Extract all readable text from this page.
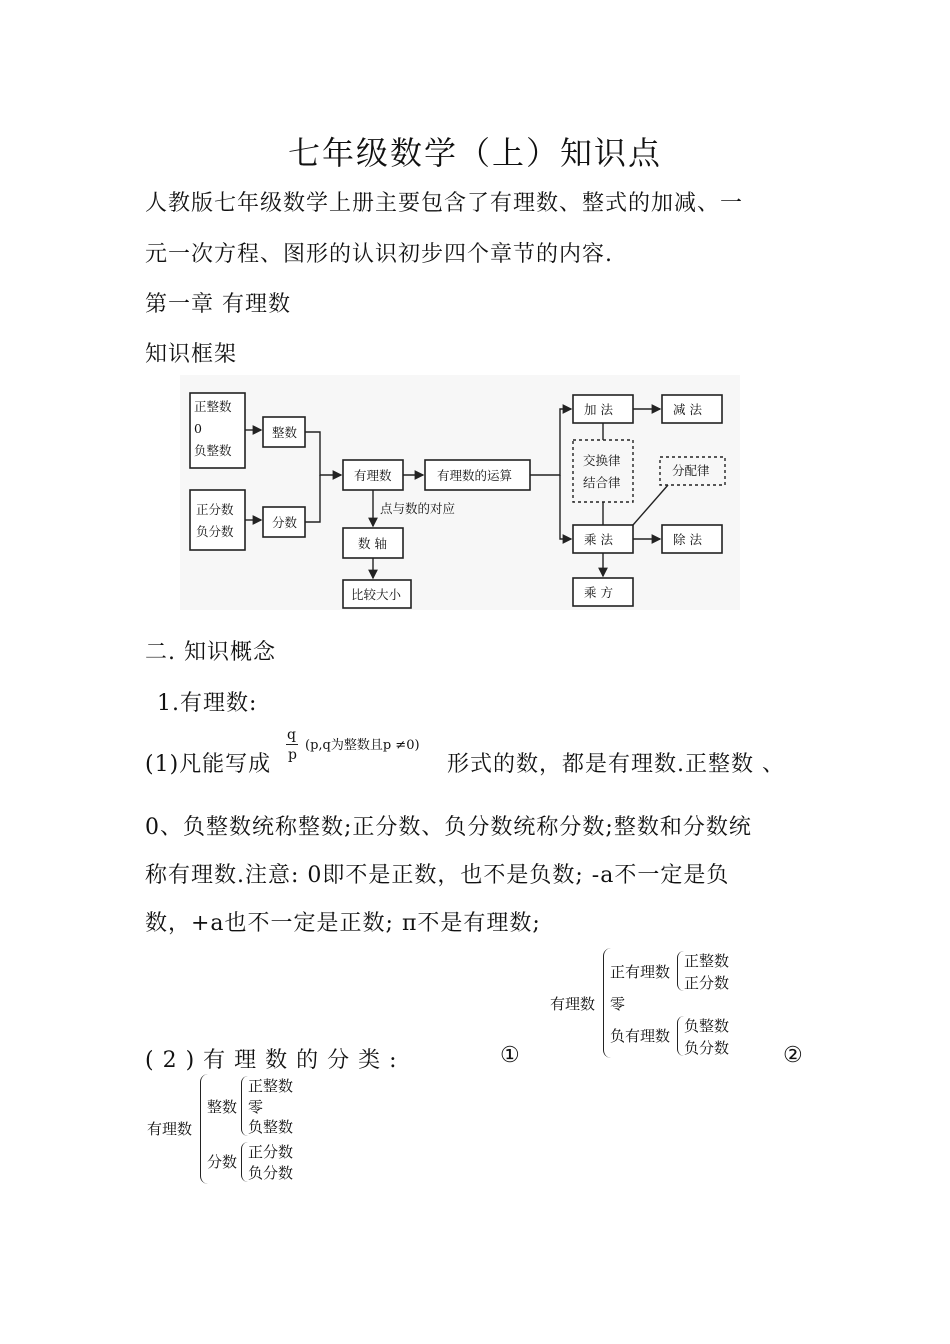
七年级数学（上）知识点
人教版七年级数学上册主要包含了有理数、整式的加减、一
元一次方程、图形的认识初步四个章节的内容.
第一章 有理数
知识框架
正整数
0
负整数
整数
正分数
负分数
分数
有理数	有理数的运算
点与数的对应
数 轴
比较大小
加 法	减 法
交换律
结合律
分配律
乘 法	除 法
乘 方
二. 知识概念
1.有理数:
(1)凡能写成
q
p
(p,q为整数且p ≠0)
形式的数，都是有理数.正整数 、
0、负整数统称整数;正分数、负分数统称分数;整数和分数统
称有理数.注意: 0即不是正数，也不是负数; -a不一定是负
数，+a也不一定是正数; π不是有理数;
有理数
正有理数
正整数
正分数
零
负有理数
负整数
负分数
(2)有理数的分类:	①	②
有理数
整数
正整数
零
负整数
分数
正分数
负分数
